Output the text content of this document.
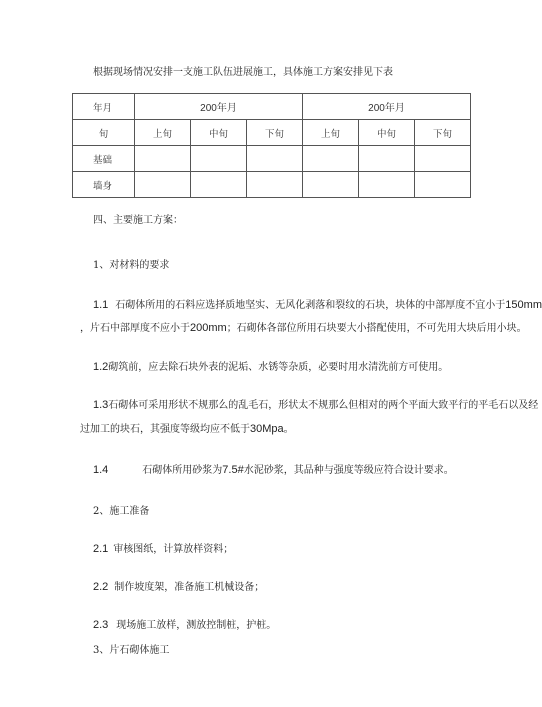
根据现场情况安排一支施工队伍进展施工，具体施工方案安排见下表
年月	200年月			200年月		
旬	上旬	中旬	下旬	上旬	中旬	下旬
基础						
墙身						
四、主要施工方案：
1、对材料的要求
1.1 石砌体所用的石料应选择质地坚实、无风化剥落和裂纹的石块，块体的中部厚度不宜小于150mm
，片石中部厚度不应小于200mm；石砌体各部位所用石块要大小搭配使用，不可先用大块后用小块。
1.2砌筑前，应去除石块外表的泥垢、水锈等杂质，必要时用水清洗前方可使用。
1.3石砌体可采用形状不规那么的乱毛石，形状太不规那么但相对的两个平面大致平行的平毛石以及经
过加工的块石，其强度等级均应不低于30Mpa。
1.4	石砌体所用砂浆为7.5#水泥砂浆，其品种与强度等级应符合设计要求。
2、施工准备
2.1 审核图纸，计算放样资料；
2.2 制作坡度架，准备施工机械设备；
2.3 现场施工放样，测放控制桩，护桩。
3、片石砌体施工
